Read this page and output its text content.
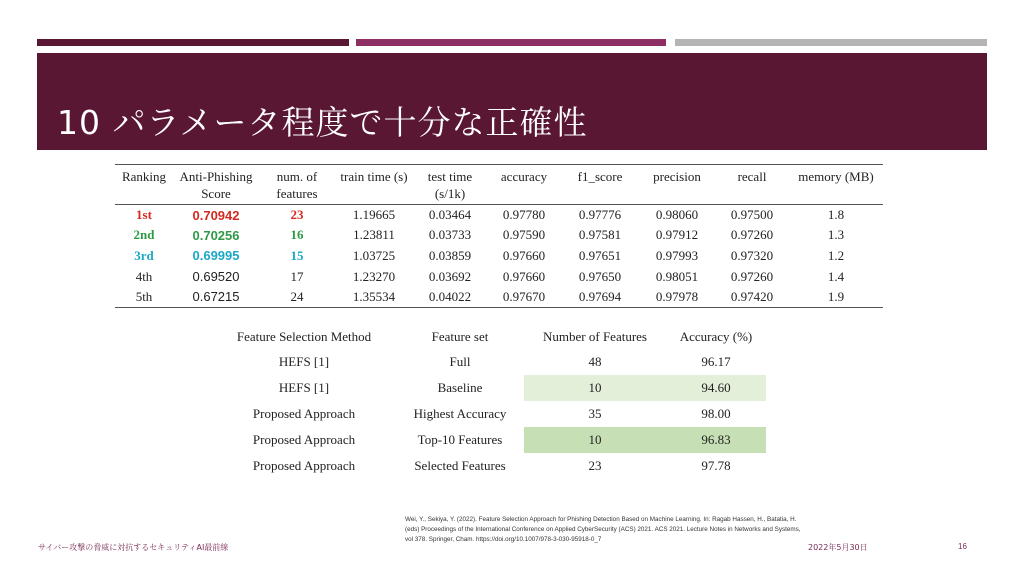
10 パラメータ程度で十分な正確性
Ranking	Anti-Phishing Score	num. of features	train time (s)	test time (s/1k)	accuracy	f1_score	precision	recall	memory (MB)
1st	0.70942	23	1.19665	0.03464	0.97780	0.97776	0.98060	0.97500	1.8
2nd	0.70256	16	1.23811	0.03733	0.97590	0.97581	0.97912	0.97260	1.3
3rd	0.69995	15	1.03725	0.03859	0.97660	0.97651	0.97993	0.97320	1.2
4th	0.69520	17	1.23270	0.03692	0.97660	0.97650	0.98051	0.97260	1.4
5th	0.67215	24	1.35534	0.04022	0.97670	0.97694	0.97978	0.97420	1.9
Feature Selection Method	Feature set	Number of Features	Accuracy (%)
HEFS [1]	Full	48	96.17
HEFS [1]	Baseline	10	94.60
Proposed Approach	Highest Accuracy	35	98.00
Proposed Approach	Top-10 Features	10	96.83
Proposed Approach	Selected Features	23	97.78
Wei, Y., Sekiya, Y. (2022). Feature Selection Approach for Phishing Detection Based on Machine Learning. In: Ragab Hassen, H., Batatia, H. (eds) Proceedings of the International Conference on Applied CyberSecurity (ACS) 2021. ACS 2021. Lecture Notes in Networks and Systems, vol 378. Springer, Cham. https://doi.org/10.1007/978-3-030-95918-0_7
サイバー攻撃の脅威に対抗するセキュリティAI最前線	2022年5月30日	16
